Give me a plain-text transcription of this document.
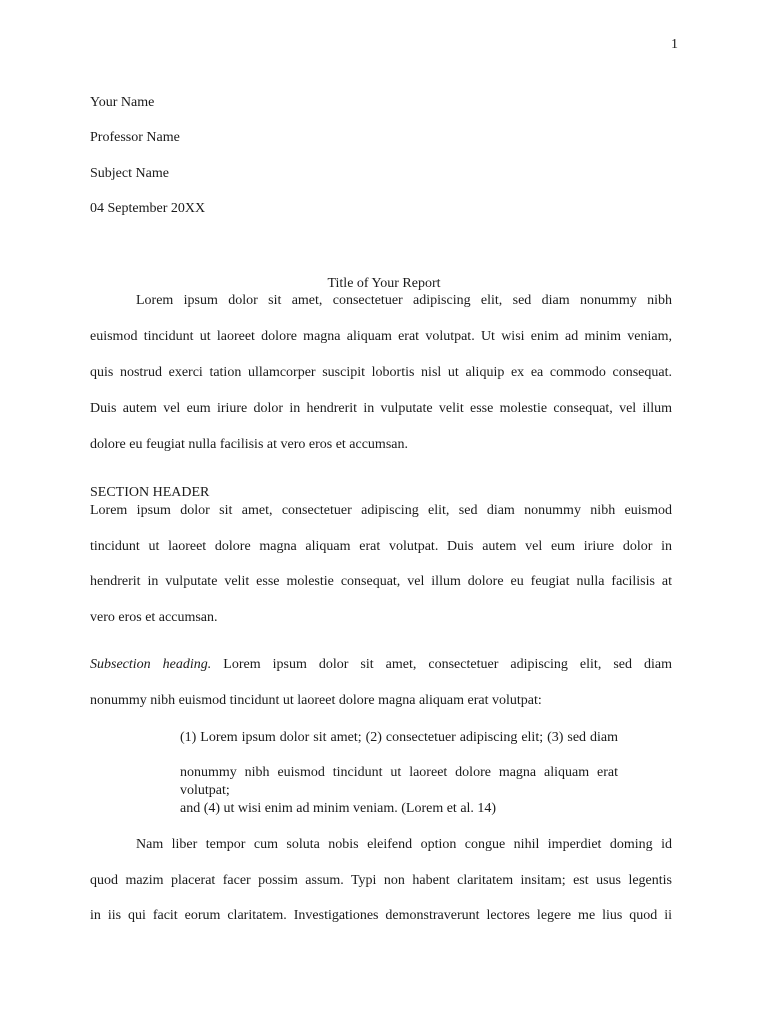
1
Your Name
Professor Name
Subject Name
04 September 20XX
Title of Your Report
Lorem ipsum dolor sit amet, consectetuer adipiscing elit, sed diam nonummy nibh
euismod tincidunt ut laoreet dolore magna aliquam erat volutpat. Ut wisi enim ad minim veniam,
quis nostrud exerci tation ullamcorper suscipit lobortis nisl ut aliquip ex ea commodo consequat.
Duis autem vel eum iriure dolor in hendrerit in vulputate velit esse molestie consequat, vel illum
dolore eu feugiat nulla facilisis at vero eros et accumsan.
SECTION HEADER
Lorem ipsum dolor sit amet, consectetuer adipiscing elit, sed diam nonummy nibh euismod
tincidunt ut laoreet dolore magna aliquam erat volutpat. Duis autem vel eum iriure dolor in
hendrerit in vulputate velit esse molestie consequat, vel illum dolore eu feugiat nulla facilisis at
vero eros et accumsan.
Subsection heading. Lorem ipsum dolor sit amet, consectetuer adipiscing elit, sed diam
nonummy nibh euismod tincidunt ut laoreet dolore magna aliquam erat volutpat:
(1) Lorem ipsum dolor sit amet; (2) consectetuer adipiscing elit; (3) sed diam
nonummy nibh euismod tincidunt ut laoreet dolore magna aliquam erat volutpat;
and (4) ut wisi enim ad minim veniam. (Lorem et al. 14)
Nam liber tempor cum soluta nobis eleifend option congue nihil imperdiet doming id
quod mazim placerat facer possim assum. Typi non habent claritatem insitam; est usus legentis
in iis qui facit eorum claritatem. Investigationes demonstraverunt lectores legere me lius quod ii
